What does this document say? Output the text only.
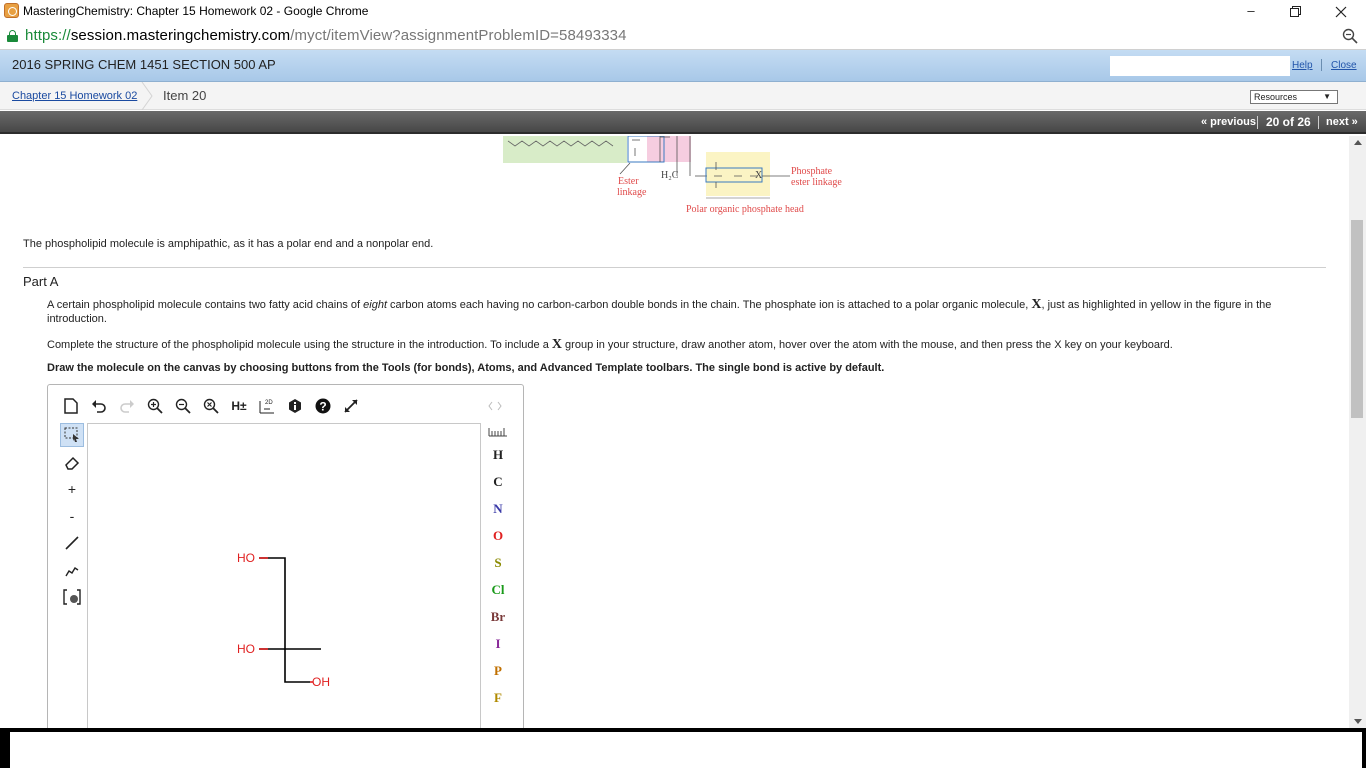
MasteringChemistry: Chapter 15 Homework 02 - Google Chrome	–
https://session.masteringchemistry.com/myct/itemView?assignmentProblemID=58493334
2016 SPRING CHEM 1451 SECTION 500 AP	Help Close
Chapter 15 Homework 02 Item 20	Resources	▼
« previous 20 of 26 next »
H₂C	X
Ester
linkage
Phosphate
ester linkage
Polar organic phosphate head
The phospholipid molecule is amphipathic, as it has a polar end and a nonpolar end.
Part A
A certain phospholipid molecule contains two fatty acid chains of eight carbon atoms each having no carbon-carbon double bonds in the chain. The phosphate ion is attached to a polar organic molecule, X, just as highlighted in yellow in the figure in the introduction.
Complete the structure of the phospholipid molecule using the structure in the introduction. To include a X group in your structure, draw another atom, hover over the atom with the mouse, and then press the X key on your keyboard.
Draw the molecule on the canvas by choosing buttons from the Tools (for bonds), Atoms, and Advanced Template toolbars. The single bond is active by default.
H±	2D	?
+
-
HO
HO
OH
H
C
N
O
S
Cl
Br
I
P
F
